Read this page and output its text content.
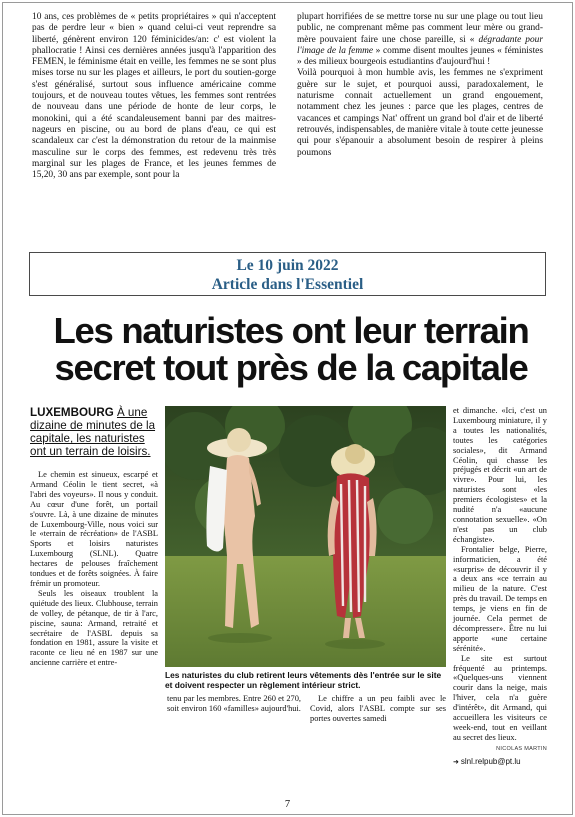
10 ans, ces problèmes de « petits propriétaires » qui n'acceptent pas de perdre leur « bien » quand celui-ci veut reprendre sa liberté, génèrent environ 120 féminicides/an: c' est violent la phallocratie ! Ainsi ces dernières années jusqu'à l'apparition des FEMEN, le féminisme était en veille, les femmes ne se sont plus mises torse nu sur les plages et ailleurs, le port du soutien-gorge s'est généralisé, surtout sous influence américaine comme toujours, et de nouveau toutes vêtues, les femmes sont rentrées de nouveau dans une période de honte de leur corps, le monokini, qui a été scandaleusement banni par des maitres-nageurs en piscine, ou au bord de plans d'eau, ce qui est scandaleux car c'est la démonstration du retour de la mainmise masculine sur le corps des femmes, est redevenu très très marginal sur les plages de France, et les jeunes femmes de 15,20, 30 ans par exemple, sont pour la

plupart horrifiées de se mettre torse nu sur une plage ou tout lieu public, ne comprenant même pas comment leur mère ou grand-mère pouvaient faire une chose pareille, si « dégradante pour l'image de la femme » comme disent moultes jeunes « féministes » des milieux bourgeois estudiantins d'aujourd'hui !

Voilà pourquoi à mon humble avis, les femmes ne s'expriment guère sur le sujet, et pourquoi aussi, paradoxalement, le naturisme connait actuellement un grand engouement, notamment chez les jeunes : parce que les plages, centres de vacances et campings Nat' offrent un grand bol d'air et de liberté retrouvés, indispensables, de manière vitale à toute cette jeunesse qui pour s'épanouir a absolument besoin de respirer à pleins poumons

Le 10 juin 2022
Article dans l'Essentiel
Les naturistes ont leur terrain secret tout près de la capitale
LUXEMBOURG À une dizaine de minutes de la capitale, les naturistes ont un terrain de loisirs.

Le chemin est sinueux, escarpé et Armand Céolin le tient secret, «à l'abri des voyeurs». Il nous y conduit. Au cœur d'une forêt, un portail s'ouvre. Là, à une dizaine de minutes de Luxembourg-Ville, nous voici sur le «terrain de récréation» de l'ASBL Sports et loisirs naturistes Luxembourg (SLNL). Quatre hectares de pelouses fraîchement tondues et de forêts soignées. À faire frémir un promoteur.

Seuls les oiseaux troublent la quiétude des lieux. Clubhouse, terrain de volley, de pétanque, de tir à l'arc, piscine, sauna: Armand, retraité et secrétaire de l'ASBL depuis sa fondation en 1981, assure la visite et raconte ce lieu né en 1987 sur une ancienne carrière et entre-

Les naturistes du club retirent leurs vêtements dès l'entrée sur le site et doivent respecter un règlement intérieur strict.

tenu par les membres. Entre 260 et 270, soit environ 160 «familles» aujourd'hui.

Le chiffre a un peu faibli avec le Covid, alors l'ASBL compte sur ses portes ouvertes samedi

et dimanche. «Ici, c'est un Luxembourg miniature, il y a toutes les nationalités, toutes les catégories sociales», dit Armand Céolin, qui chasse les préjugés et décrit «un art de vivre». Pour lui, les naturistes sont «les premiers écologistes» et la nudité n'a «aucune connotation sexuelle». «On n'est pas un club échangiste».

Frontalier belge, Pierre, informaticien, a été «surpris» de découvrir il y a deux ans «ce terrain au milieu de la nature. C'est près du travail. De temps en temps, je viens en fin de journée. Cela permet de décompresser». Être nu lui apporte «une certaine sérénité».

Le site est surtout fréquenté au printemps. «Quelques-uns viennent courir dans la neige, mais l'hiver, cela n'a guère d'intérêt», dit Armand, qui accueillera les visiteurs ce week-end, tout en veillant au secret des lieux.

NICOLAS MARTIN
➜ slnl.relpub@pt.lu
7
